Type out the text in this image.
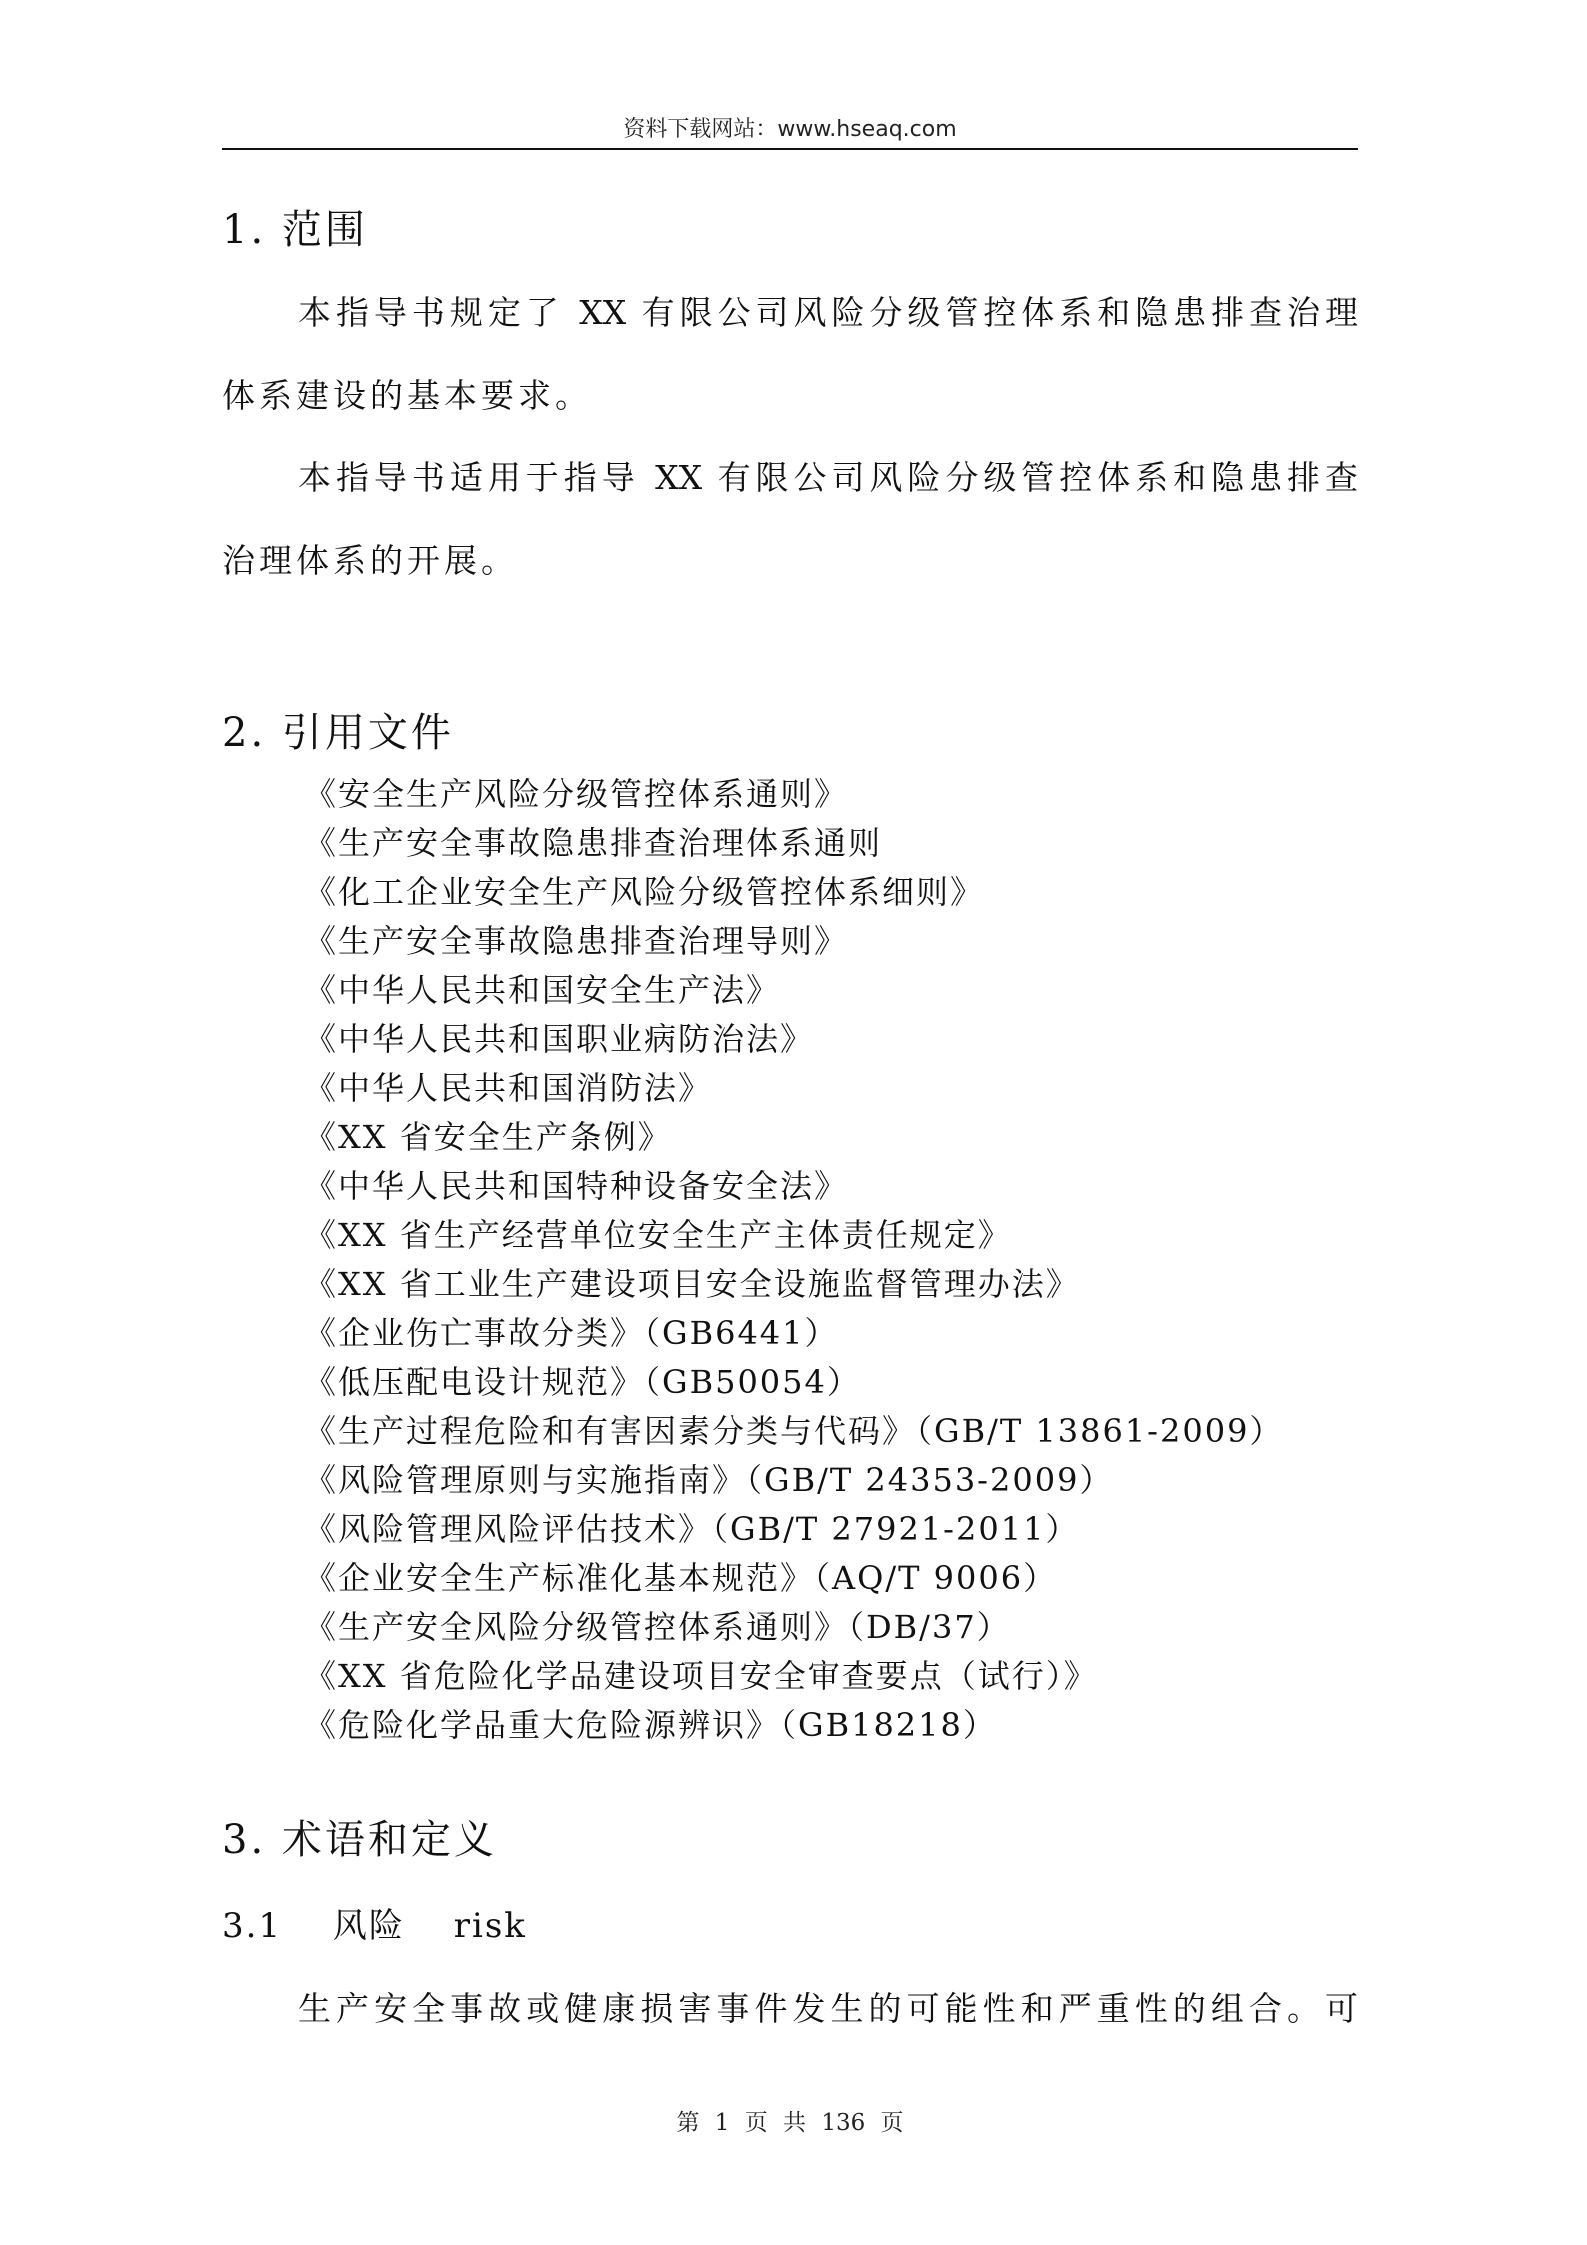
资料下载网站：www.hseaq.com
1. 范围
本指导书规定了 XX 有限公司风险分级管控体系和隐患排查治理
体系建设的基本要求。
本指导书适用于指导 XX 有限公司风险分级管控体系和隐患排查
治理体系的开展。
2. 引用文件
《安全生产风险分级管控体系通则》
《生产安全事故隐患排查治理体系通则
《化工企业安全生产风险分级管控体系细则》
《生产安全事故隐患排查治理导则》
《中华人民共和国安全生产法》
《中华人民共和国职业病防治法》
《中华人民共和国消防法》
《XX 省安全生产条例》
《中华人民共和国特种设备安全法》
《XX 省生产经营单位安全生产主体责任规定》
《XX 省工业生产建设项目安全设施监督管理办法》
《企业伤亡事故分类》（GB6441）
《低压配电设计规范》（GB50054）
《生产过程危险和有害因素分类与代码》（GB/T 13861-2009）
《风险管理原则与实施指南》（GB/T 24353-2009）
《风险管理风险评估技术》（GB/T 27921-2011）
《企业安全生产标准化基本规范》（AQ/T 9006）
《生产安全风险分级管控体系通则》（DB/37）
《XX 省危险化学品建设项目安全审查要点（试行）》
《危险化学品重大危险源辨识》（GB18218）
3. 术语和定义
3.1 风险 risk
生产安全事故或健康损害事件发生的可能性和严重性的组合。可
第 1 页 共 136 页
